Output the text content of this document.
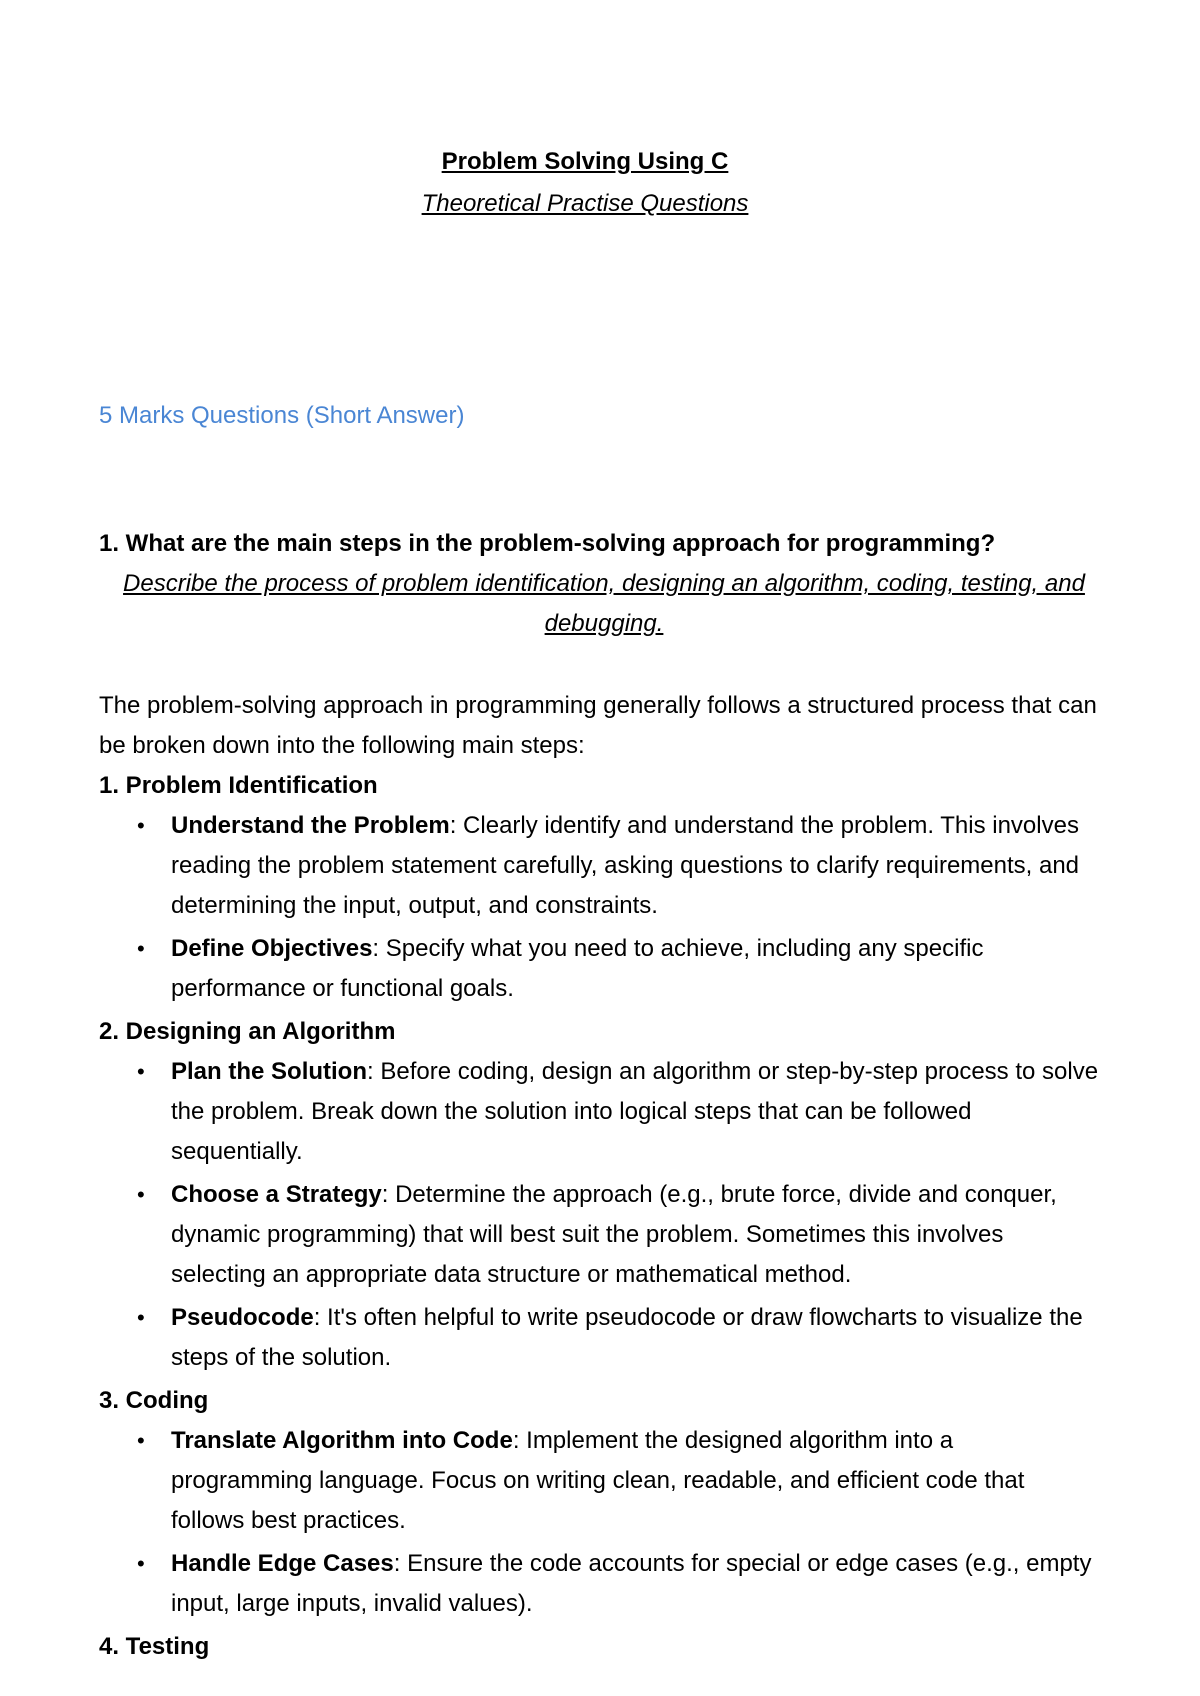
Problem Solving Using C
Theoretical Practise Questions
5 Marks Questions (Short Answer)
1. What are the main steps in the problem-solving approach for programming?
Describe the process of problem identification, designing an algorithm, coding, testing, and debugging.

The problem-solving approach in programming generally follows a structured process that can be broken down into the following main steps:

1. Problem Identification

• Understand the Problem: Clearly identify and understand the problem. This involves reading the problem statement carefully, asking questions to clarify requirements, and determining the input, output, and constraints.
• Define Objectives: Specify what you need to achieve, including any specific performance or functional goals.

2. Designing an Algorithm

• Plan the Solution: Before coding, design an algorithm or step-by-step process to solve the problem. Break down the solution into logical steps that can be followed sequentially.
• Choose a Strategy: Determine the approach (e.g., brute force, divide and conquer, dynamic programming) that will best suit the problem. Sometimes this involves selecting an appropriate data structure or mathematical method.
• Pseudocode: It's often helpful to write pseudocode or draw flowcharts to visualize the steps of the solution.

3. Coding

• Translate Algorithm into Code: Implement the designed algorithm into a programming language. Focus on writing clean, readable, and efficient code that follows best practices.
• Handle Edge Cases: Ensure the code accounts for special or edge cases (e.g., empty input, large inputs, invalid values).

4. Testing
